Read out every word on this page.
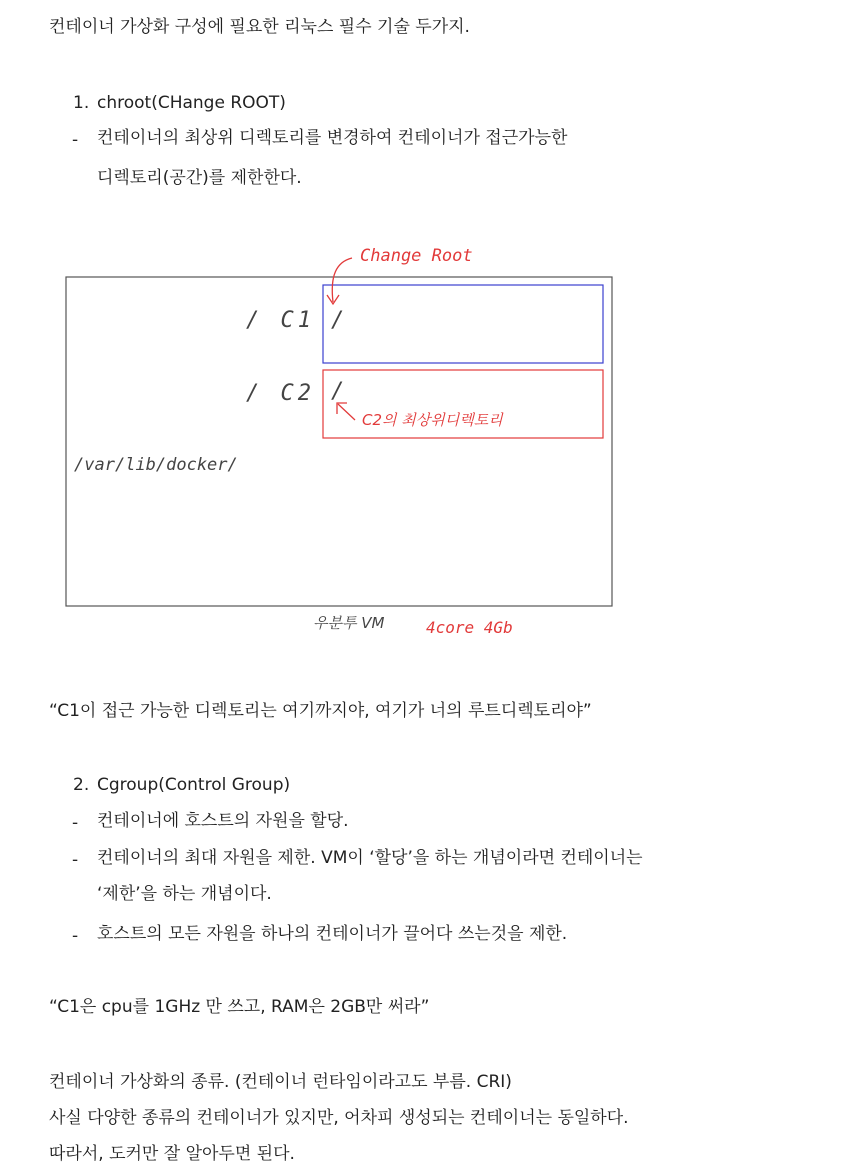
컨테이너 가상화 구성에 필요한 리눅스 필수 기술 두가지.
1. chroot(CHange ROOT)
- 컨테이너의 최상위 디렉토리를 변경하여 컨테이너가 접근가능한
디렉토리(공간)를 제한한다.
Change Root
/ C1 /
/ C2 /
C2의 최상위디렉토리
/var/lib/docker/
우분투 VM	4core 4Gb
“C1이 접근 가능한 디렉토리는 여기까지야, 여기가 너의 루트디렉토리야”
2. Cgroup(Control Group)
- 컨테이너에 호스트의 자원을 할당.
- 컨테이너의 최대 자원을 제한. VM이 ‘할당’을 하는 개념이라면 컨테이너는
‘제한’을 하는 개념이다.
- 호스트의 모든 자원을 하나의 컨테이너가 끌어다 쓰는것을 제한.
“C1은 cpu를 1GHz 만 쓰고, RAM은 2GB만 써라”
컨테이너 가상화의 종류. (컨테이너 런타임이라고도 부름. CRI)
사실 다양한 종류의 컨테이너가 있지만, 어차피 생성되는 컨테이너는 동일하다.
따라서, 도커만 잘 알아두면 된다.
